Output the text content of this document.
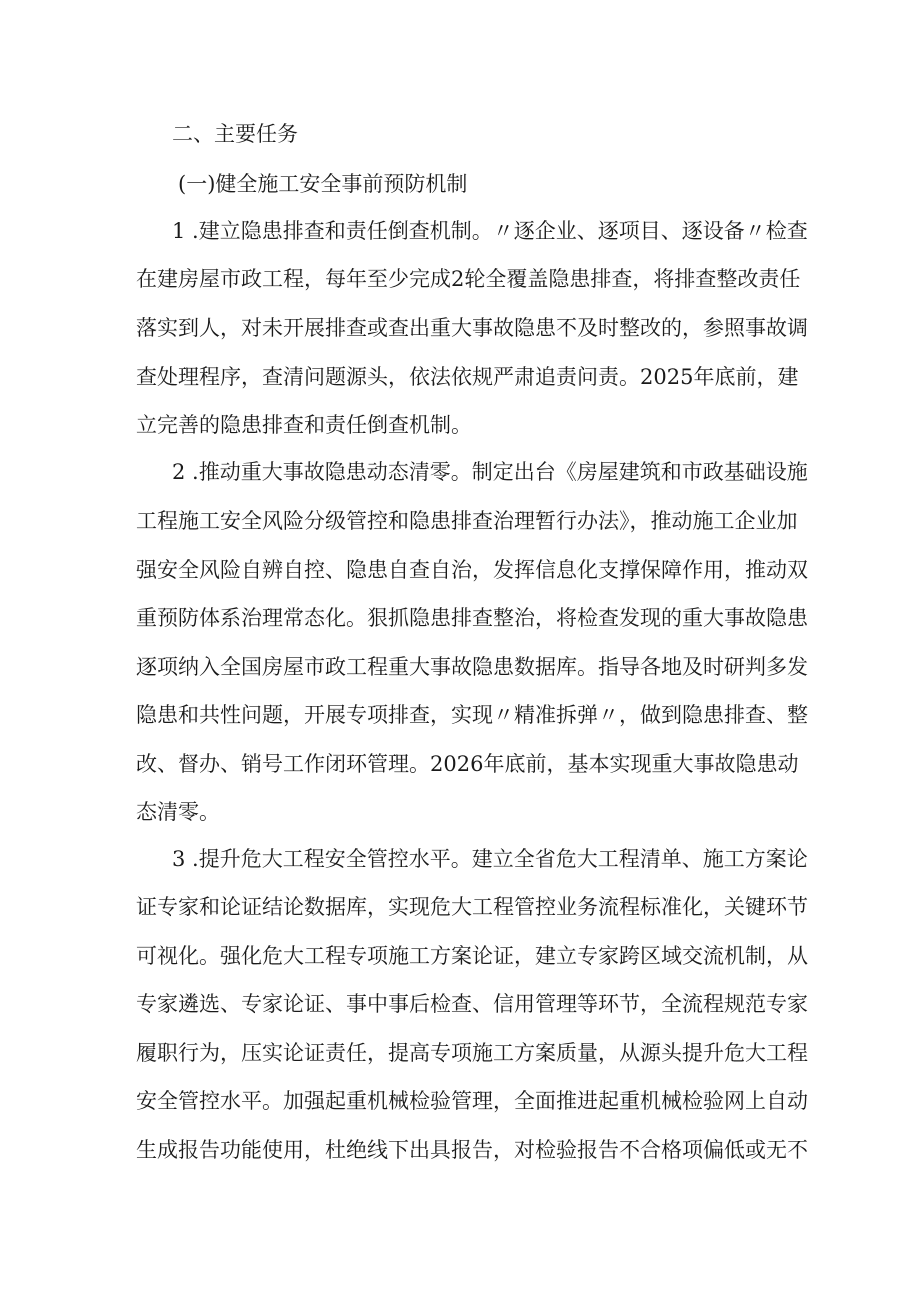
二、主要任务
(一)健全施工安全事前预防机制
1 .建立隐患排查和责任倒查机制。〃逐企业、逐项目、逐设备〃检查
在建房屋市政工程，每年至少完成2轮全覆盖隐患排查，将排查整改责任
落实到人，对未开展排查或查出重大事故隐患不及时整改的，参照事故调
查处理程序，查清问题源头，依法依规严肃追责问责。2025年底前，建
立完善的隐患排查和责任倒查机制。
2 .推动重大事故隐患动态清零。制定出台《房屋建筑和市政基础设施
工程施工安全风险分级管控和隐患排查治理暂行办法》，推动施工企业加
强安全风险自辨自控、隐患自查自治，发挥信息化支撑保障作用，推动双
重预防体系治理常态化。狠抓隐患排查整治，将检查发现的重大事故隐患
逐项纳入全国房屋市政工程重大事故隐患数据库。指导各地及时研判多发
隐患和共性问题，开展专项排查，实现〃精准拆弹〃，做到隐患排查、整
改、督办、销号工作闭环管理。2026年底前，基本实现重大事故隐患动
态清零。
3 .提升危大工程安全管控水平。建立全省危大工程清单、施工方案论
证专家和论证结论数据库，实现危大工程管控业务流程标准化，关键环节
可视化。强化危大工程专项施工方案论证，建立专家跨区域交流机制，从
专家遴选、专家论证、事中事后检查、信用管理等环节，全流程规范专家
履职行为，压实论证责任，提高专项施工方案质量，从源头提升危大工程
安全管控水平。加强起重机械检验管理，全面推进起重机械检验网上自动
生成报告功能使用，杜绝线下出具报告，对检验报告不合格项偏低或无不
